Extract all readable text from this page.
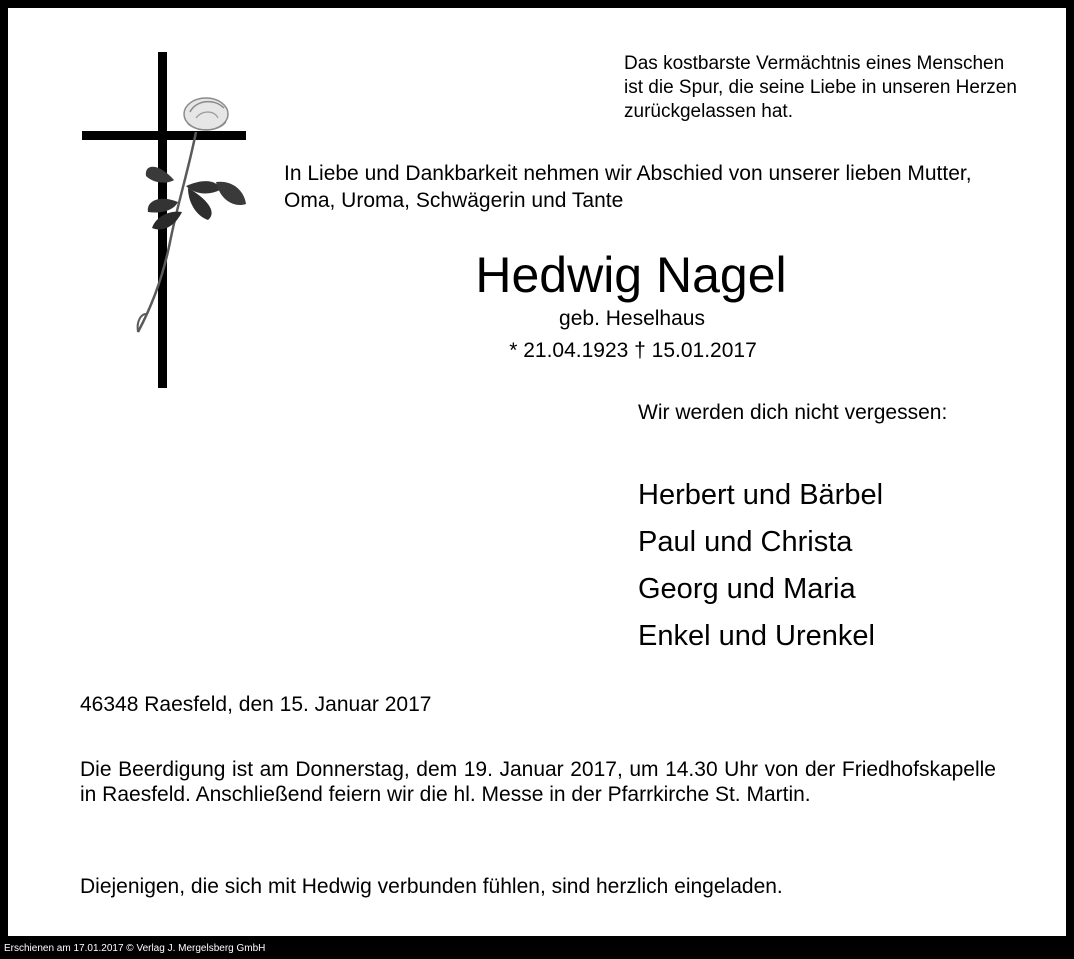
Das kostbarste Vermächtnis eines Menschen ist die Spur, die seine Liebe in unseren Herzen zurückgelassen hat.
In Liebe und Dankbarkeit nehmen wir Abschied von unserer lieben Mutter, Oma, Uroma, Schwägerin und Tante
Hedwig Nagel
geb. Heselhaus
* 21.04.1923 † 15.01.2017
Wir werden dich nicht vergessen:
Herbert und Bärbel
Paul und Christa
Georg und Maria
Enkel und Urenkel
46348 Raesfeld, den 15. Januar 2017
Die Beerdigung ist am Donnerstag, dem 19. Januar 2017, um 14.30 Uhr von der Friedhofskapelle in Raesfeld. Anschließend feiern wir die hl. Messe in der Pfarrkirche St. Martin.
Diejenigen, die sich mit Hedwig verbunden fühlen, sind herzlich eingeladen.
Erschienen am 17.01.2017 © Verlag J. Mergelsberg GmbH
